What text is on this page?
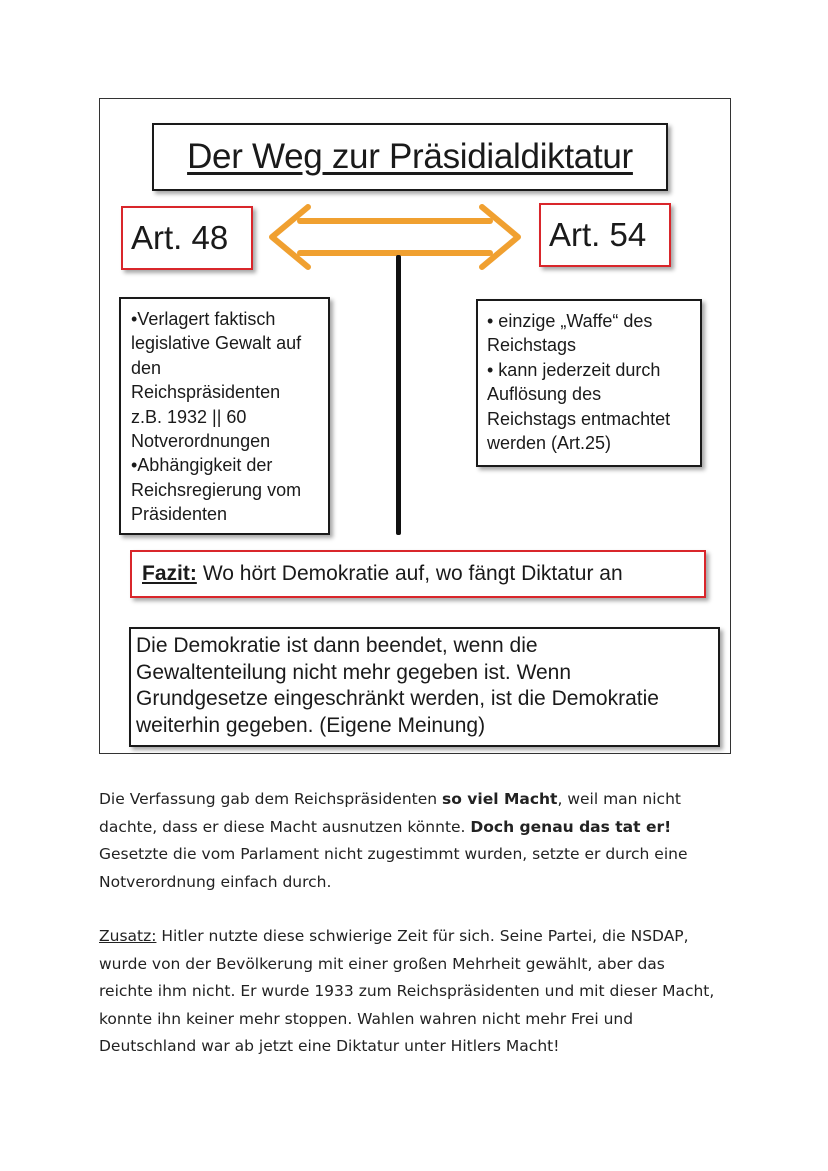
Der Weg zur Präsidialdiktatur
Art. 48	Art. 54
•Verlagert faktisch
legislative Gewalt auf
den
Reichspräsidenten
z.B. 1932 || 60
Notverordnungen
•Abhängigkeit der
Reichsregierung vom
Präsidenten
• einzige „Waffe“ des
Reichstags
• kann jederzeit durch
Auflösung des
Reichstags entmachtet
werden (Art.25)
Fazit: Wo hört Demokratie auf, wo fängt Diktatur an
Die Demokratie ist dann beendet, wenn die
Gewaltenteilung nicht mehr gegeben ist. Wenn
Grundgesetze eingeschränkt werden, ist die Demokratie
weiterhin gegeben. (Eigene Meinung)
Die Verfassung gab dem Reichspräsidenten so viel Macht, weil man nicht
dachte, dass er diese Macht ausnutzen könnte. Doch genau das tat er!
Gesetzte die vom Parlament nicht zugestimmt wurden, setzte er durch eine
Notverordnung einfach durch.
Zusatz: Hitler nutzte diese schwierige Zeit für sich. Seine Partei, die NSDAP,
wurde von der Bevölkerung mit einer großen Mehrheit gewählt, aber das
reichte ihm nicht. Er wurde 1933 zum Reichspräsidenten und mit dieser Macht,
konnte ihn keiner mehr stoppen. Wahlen wahren nicht mehr Frei und
Deutschland war ab jetzt eine Diktatur unter Hitlers Macht!
